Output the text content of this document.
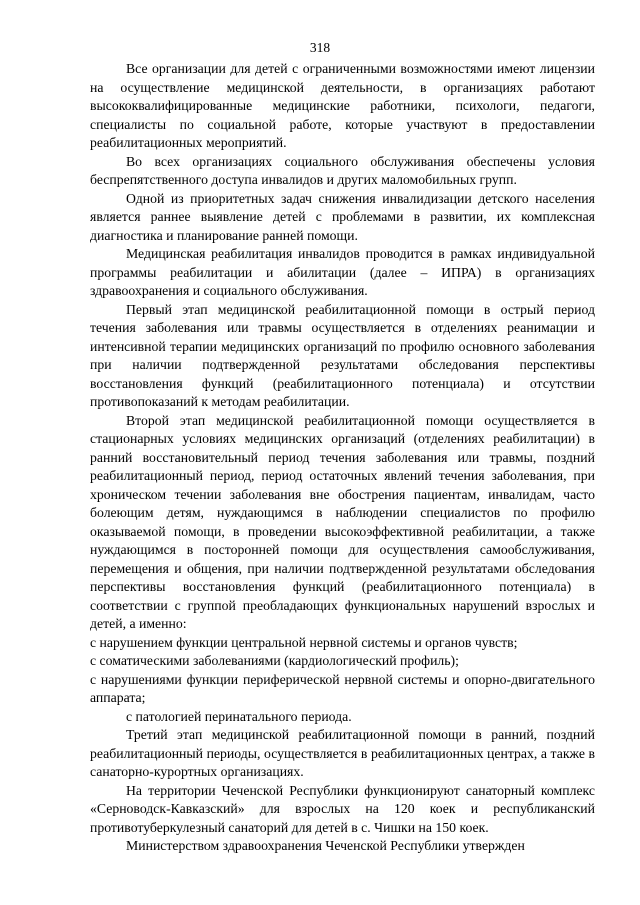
318

Все организации для детей с ограниченными возможностями имеют лицензии на осуществление медицинской деятельности, в организациях работают высококвалифицированные медицинские работники, психологи, педагоги, специалисты по социальной работе, которые участвуют в предоставлении реабилитационных мероприятий.

Во всех организациях социального обслуживания обеспечены условия беспрепятственного доступа инвалидов и других маломобильных групп.

Одной из приоритетных задач снижения инвалидизации детского населения является раннее выявление детей с проблемами в развитии, их комплексная диагностика и планирование ранней помощи.

Медицинская реабилитация инвалидов проводится в рамках индивидуальной программы реабилитации и абилитации (далее – ИПРА) в организациях здравоохранения и социального обслуживания.

Первый этап медицинской реабилитационной помощи в острый период течения заболевания или травмы осуществляется в отделениях реанимации и интенсивной терапии медицинских организаций по профилю основного заболевания при наличии подтвержденной результатами обследования перспективы восстановления функций (реабилитационного потенциала) и отсутствии противопоказаний к методам реабилитации.

Второй этап медицинской реабилитационной помощи осуществляется в стационарных условиях медицинских организаций (отделениях реабилитации) в ранний восстановительный период течения заболевания или травмы, поздний реабилитационный период, период остаточных явлений течения заболевания, при хроническом течении заболевания вне обострения пациентам, инвалидам, часто болеющим детям, нуждающимся в наблюдении специалистов по профилю оказываемой помощи, в проведении высокоэффективной реабилитации, а также нуждающимся в посторонней помощи для осуществления самообслуживания, перемещения и общения, при наличии подтвержденной результатами обследования перспективы восстановления функций (реабилитационного потенциала) в соответствии с группой преобладающих функциональных нарушений взрослых и детей, а именно:

с нарушением функции центральной нервной системы и органов чувств;

с соматическими заболеваниями (кардиологический профиль);

с нарушениями функции периферической нервной системы и опорно-двигательного аппарата;

с патологией перинатального периода.

Третий этап медицинской реабилитационной помощи в ранний, поздний реабилитационный периоды, осуществляется в реабилитационных центрах, а также в санаторно-курортных организациях.

На территории Чеченской Республики функционируют санаторный комплекс «Серноводск-Кавказский» для взрослых на 120 коек и республиканский противотуберкулезный санаторий для детей в с. Чишки на 150 коек.

Министерством здравоохранения Чеченской Республики утвержден
